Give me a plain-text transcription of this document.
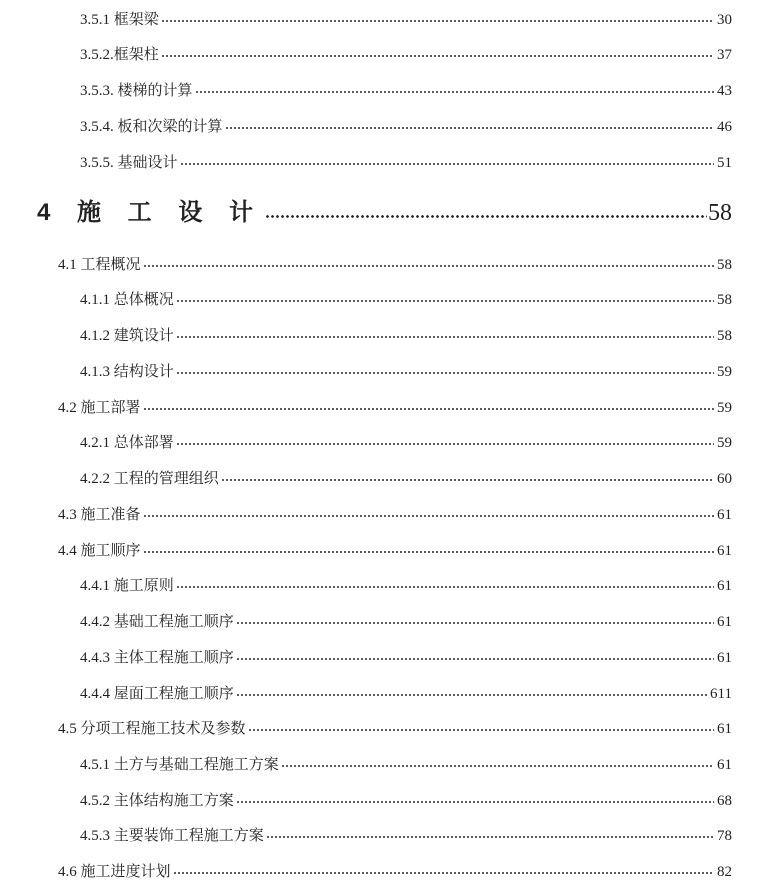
3.5.1 框架梁	30
3.5.2.框架柱	37
3.5.3. 楼梯的计算	43
3.5.4. 板和次梁的计算	46
3.5.5. 基础设计	51
4 施 工 设 计	58
4.1 工程概况	58
4.1.1 总体概况	58
4.1.2 建筑设计	58
4.1.3 结构设计	59
4.2 施工部署	59
4.2.1 总体部署	59
4.2.2 工程的管理组织	60
4.3 施工准备	61
4.4 施工顺序	61
4.4.1 施工原则	61
4.4.2 基础工程施工顺序	61
4.4.3 主体工程施工顺序	61
4.4.4 屋面工程施工顺序	611
4.5 分项工程施工技术及参数	61
4.5.1 土方与基础工程施工方案	61
4.5.2 主体结构施工方案	68
4.5.3 主要装饰工程施工方案	78
4.6 施工进度计划	82
